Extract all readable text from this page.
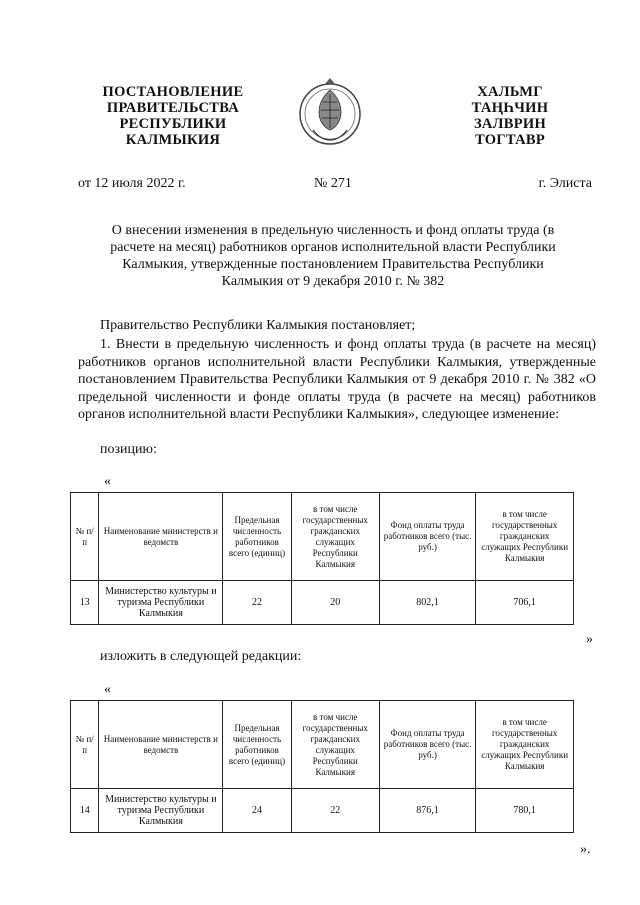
ПОСТАНОВЛЕНИЕ
ПРАВИТЕЛЬСТВА
РЕСПУБЛИКИ
КАЛМЫКИЯ
ХАЛЬМГ
ТАҢҺЧИН
ЗАЛВРИН
ТОГТАВР
от 12 июля 2022 г.	№ 271	г. Элиста
О внесении изменения в предельную численность и фонд оплаты труда (в расчете на месяц) работников органов исполнительной власти Республики Калмыкия, утвержденные постановлением Правительства Республики Калмыкия от 9 декабря 2010 г. № 382
Правительство Республики Калмыкия постановляет;
1. Внести в предельную численность и фонд оплаты труда (в расчете на месяц) работников органов исполнительной власти Республики Калмыкия, утвержденные постановлением Правительства Республики Калмыкия от 9 декабря 2010 г. № 382 «О предельной численности и фонде оплаты труда (в расчете на месяц) работников органов исполнительной власти Республики Калмыкия», следующее изменение:
позицию:
«
№ п/п	Наименование министерств и ведомств	Предельная численность работников всего (единиц)	в том числе государственных гражданских служащих Республики Калмыкия	Фонд оплаты труда работников всего (тыс. руб.)	в том числе государственных гражданских служащих Республики Калмыкия
13	Министерство культуры и туризма Республики Калмыкия	22	20	802,1	706,1
»
изложить в следующей редакции:
«
№ п/п	Наименование министерств и ведомств	Предельная численность работников всего (единиц)	в том числе государственных гражданских служащих Республики Калмыкия	Фонд оплаты труда работников всего (тыс. руб.)	в том числе государственных гражданских служащих Республики Калмыкия
14	Министерство культуры и туризма Республики Калмыкия	24	22	876,1	780,1
».
